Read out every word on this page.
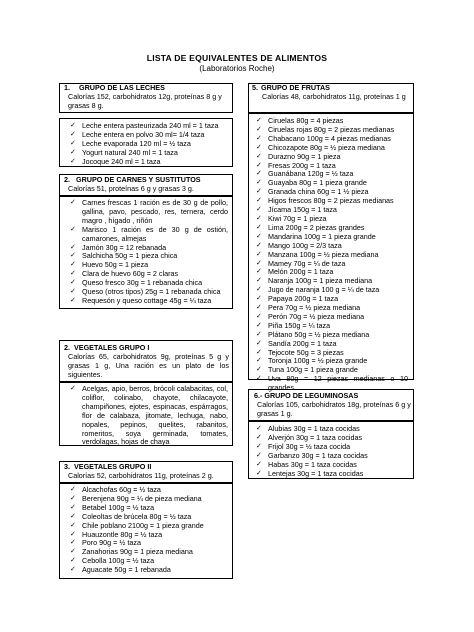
LISTA DE EQUIVALENTES DE ALIMENTOS
(Laboratorios Roche)
1. GRUPO DE LAS LECHES
Calorías 152, carbohidratos 12g, proteínas 8 g y grasas 8 g.
✓ Leche entera pasteurizada 240 ml = 1 taza
✓ Leche entera en polvo 30 ml= 1/4 taza
✓ Leche evaporada 120 ml = ½ taza
✓ Yogurt natural 240 ml = 1 taza
✓ Jocoque 240 ml = 1 taza
2. GRUPO DE CARNES Y SUSTITUTOS
Calorías 51, proteínas 6 g y grasas 3 g.
✓ Carnes frescas 1 ración es de 30 g de pollo, gallina, pavo, pescado, res, ternera, cerdo magro , hígado , riñón
✓ Marisco 1 ración es de 30 g de ostión, camarones, almejas
✓ Jamón 30g = 12 rebanada
✓ Salchicha 50g = 1 pieza chica
✓ Huevo 50g = 1 pieza
✓ Clara de huevo 60g = 2 claras
✓ Queso fresco 30g = 1 rebanada chica
✓ Queso (otros tipos) 25g = 1 rebanada chica
✓ Requesón y queso cottage 45g = ¼ taza
2. VEGETALES GRUPO I
Calorías 65, carbohidratos 9g, proteínas 5 g y grasas 1 g, Una ración es un plato de los siguientes.
✓ Acelgas, apio, berros, brócoli calabacitas, col, coliflor, colinabo, chayote, chilacayote, champiñones, ejotes, espinacas, espárragos, flor de calabaza, jitomate, lechuga, nabo, nopales, pepinos, quelites, rabanitos, romeritos, soya germinada, tomates, verdolagas, hojas de chaya
3. VEGETALES GRUPO II
Calorías 52, carbohidratos 11g, proteínas 2 g.
✓ Alcachofas 60g = ½ taza
✓ Berenjena 90g = ¼ de pieza mediana
✓ Betabel 100g = ½ taza
✓ Coleoltas de brúcela 80g = ½ taza
✓ Chile poblano 2100g = 1 pieza grande
✓ Huauzontle 80g = ½ taza
✓ Poro 90g = ½ taza
✓ Zanahorias 90g = 1 pieza mediana
✓ Cebolla 100g = ½ taza
✓ Aguacate 50g = 1 rebanada
5. GRUPO DE FRUTAS
Calorías 48, carbohidratos 11g, proteínas 1 g
✓ Ciruelas 80g = 4 piezas
✓ Ciruelas rojas 80g = 2 piezas medianas
✓ Chabacano 100g = 4 piezas medianas
✓ Chicozapote 80g = ½ pieza mediana
✓ Durazno 90g = 1 pieza
✓ Fresas 200g = 1 taza
✓ Guanábana 120g = ½ taza
✓ Guayaba 80g = 1 pieza grande
✓ Granada china 60g = 1 ½ pieza
✓ Higos frescos 80g = 2 piezas medianas
✓ Jícama 150g = 1 taza
✓ Kiwi 70g = 1 pieza
✓ Lima 200g = 2 piezas grandes
✓ Mandarina 100g = 1 pieza grande
✓ Mango 100g = 2/3 taza
✓ Manzana 100g = ½ pieza mediana
✓ Mamey 70g = ¼ de taza
✓ Melón 200g = 1 taza
✓ Naranja 100g = 1 pieza mediana
✓ Jugo de naranja 100 g = ¼ de taza
✓ Papaya 200g = 1 taza
✓ Pera 70g = ½ pieza mediana
✓ Perón 70g = ½ pieza mediana
✓ Piña 150g = ¼ taza
✓ Plátano 50g = ½ pieza mediana
✓ Sandía 200g = 1 taza
✓ Tejocote 50g = 3 piezas
✓ Toronja 100g = ½ pieza grande
✓ Tuna 100g = 1 pieza grande
✓ Uva 80g = 12 piezas medianas o 10 grandes
6.- GRUPO DE LEGUMINOSAS
Calorías 105, carbohidratos 18g, proteínas 6 g y grasas 1 g.
✓ Alubias 30g = 1 taza cocidas
✓ Alverjón 30g = 1 taza cocidas
✓ Frijol 30g = ½ taza cocida
✓ Garbanzo 30g = 1 taza cocidas
✓ Habas 30g = 1 taza cocidas
✓ Lentejas 30g = 1 taza cocidas
